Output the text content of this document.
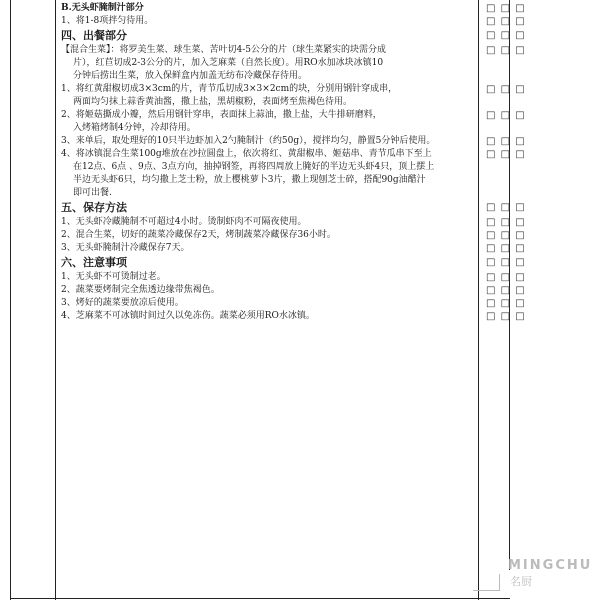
B.无头虾腌制汁部分
1、将1-8项拌匀待用。
四、出餐部分
【混合生菜】：将罗美生菜、球生菜、苦叶切4-5公分的片（球生菜紧实的块需分成
片），红苣切成2-3公分的片，加入芝麻菜（自然长度）。用RO水加冰块冰镇10
分钟后捞出生菜，放入保鲜盒内加盖无纺布冷藏保存待用。
1、将红黄甜椒切成3×3cm的片，青节瓜切成3×3×2cm的块，分别用钢针穿成串，
两面均匀抹上蒜香黄油酱，撒上盐，黑胡椒粉，表面烤至焦褐色待用。
2、将姬菇撕成小瓣，然后用钢针穿串，表面抹上蒜油，撒上盐，大牛排研磨料，
入烤箱烤制4分钟，冷却待用。
3、来单后，取处理好的10只半边虾加入2勺腌制汁（约50g），搅拌均匀，静置5分钟后使用。
4、将冰镇混合生菜100g堆放在沙拉圆盘上，依次将红、黄甜椒串、姬菇串、青节瓜串下至上
在12点、6点 、9点、3点方向，抽掉钢签，再将四周放上腌好的半边无头虾4只，顶上摆上
半边无头虾6只，均匀撒上芝士粉，放上樱桃萝卜3片，撒上现刨芝士碎，搭配90g油醋汁
即可出餐.
五、保存方法
1、无头虾冷藏腌制不可超过4小时。烫制虾肉不可隔夜使用。
2、混合生菜，切好的蔬菜冷藏保存2天，烤制蔬菜冷藏保存36小时。
3、无头虾腌制汁冷藏保存7天。
六、注意事项
1、无头虾不可烫制过老。
2、蔬菜要烤制完全焦透边缘带焦褐色。
3、烤好的蔬菜要放凉后使用。
4、芝麻菜不可冰镇时间过久以免冻伤。蔬菜必须用RO水冰镇。
□ □ □
□ □ □
□ □ □
□ □ □
□ □ □
□ □ □
□ □ □
□ □ □
□ □ □
□ □ □
□ □ □
□ □ □
□ □ □
□ □ □
□ □ □
□ □ □
□ □ □
MINGCHU
名厨
